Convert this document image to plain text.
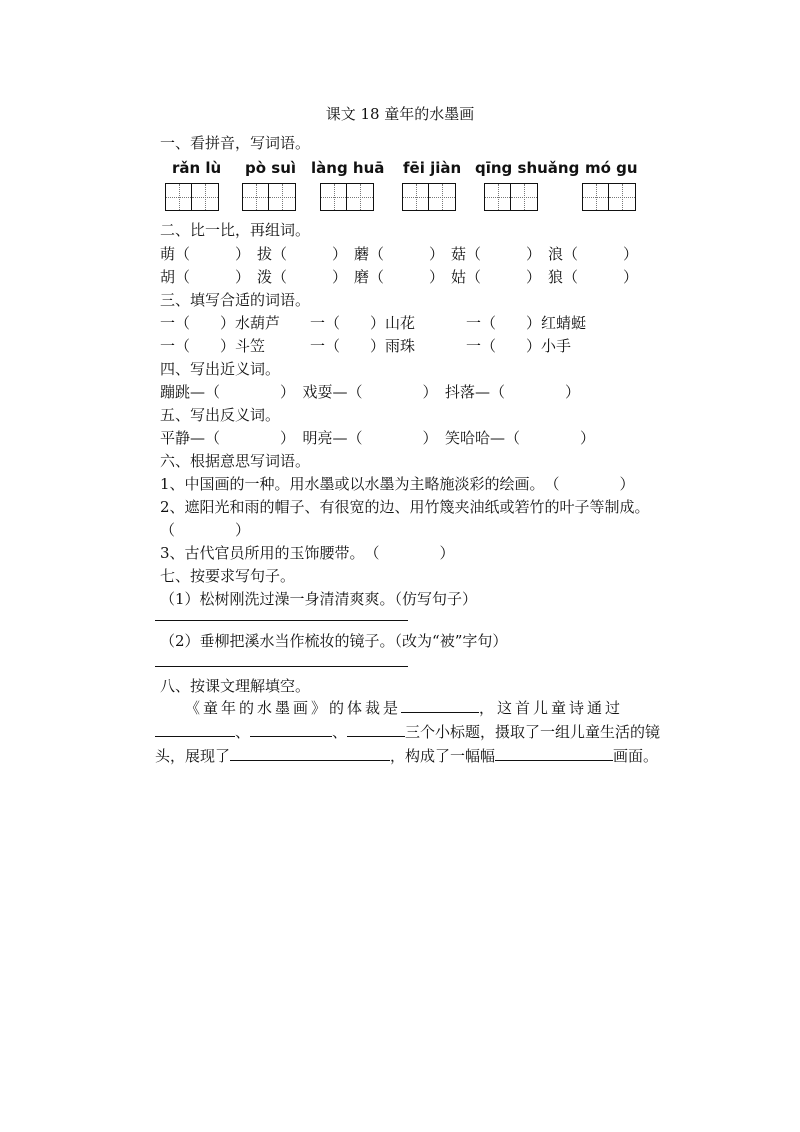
课文 18 童年的水墨画
一、看拼音，写词语。
rǎn lù pò suì làng huā fēi jiàn qīng shuǎng mó gu
二、比一比，再组词。
萌（　　　） 拔（　　　） 蘑（　　　） 菇（　　　） 浪（　　　）
胡（　　　） 泼（　　　） 磨（　　　） 姑（　　　） 狼（　　　）
三、填写合适的词语。
一（　　）水葫芦 一（　　）山花	一（　　）红蜻蜓
一（　　）斗笠	一（　　）雨珠	一（　　）小手
四、写出近义词。
蹦跳—（　　　　）　戏耍—（　　　　）　抖落—（　　　　）
五、写出反义词。
平静—（　　　　）　明亮—（　　　　）　笑哈哈—（　　　　）
六、根据意思写词语。
1、中国画的一种。用水墨或以水墨为主略施淡彩的绘画。　（　　　　）
2、遮阳光和雨的帽子、有很宽的边、用竹篾夹油纸或箬竹的叶子等制成。
（　　　　）
3、古代官员所用的玉饰腰带。　（　　　　）
七、按要求写句子。
（1）松树刚洗过澡一身清清爽爽。（仿写句子）
（2）垂柳把溪水当作梳妆的镜子。（改为“被”字句）
八、按课文理解填空。
《童年的水墨画》的体裁是	，这首儿童诗通过
、	、	三个小标题，摄取了一组儿童生活的镜
头，展现了	，构成了一幅幅	画面。
